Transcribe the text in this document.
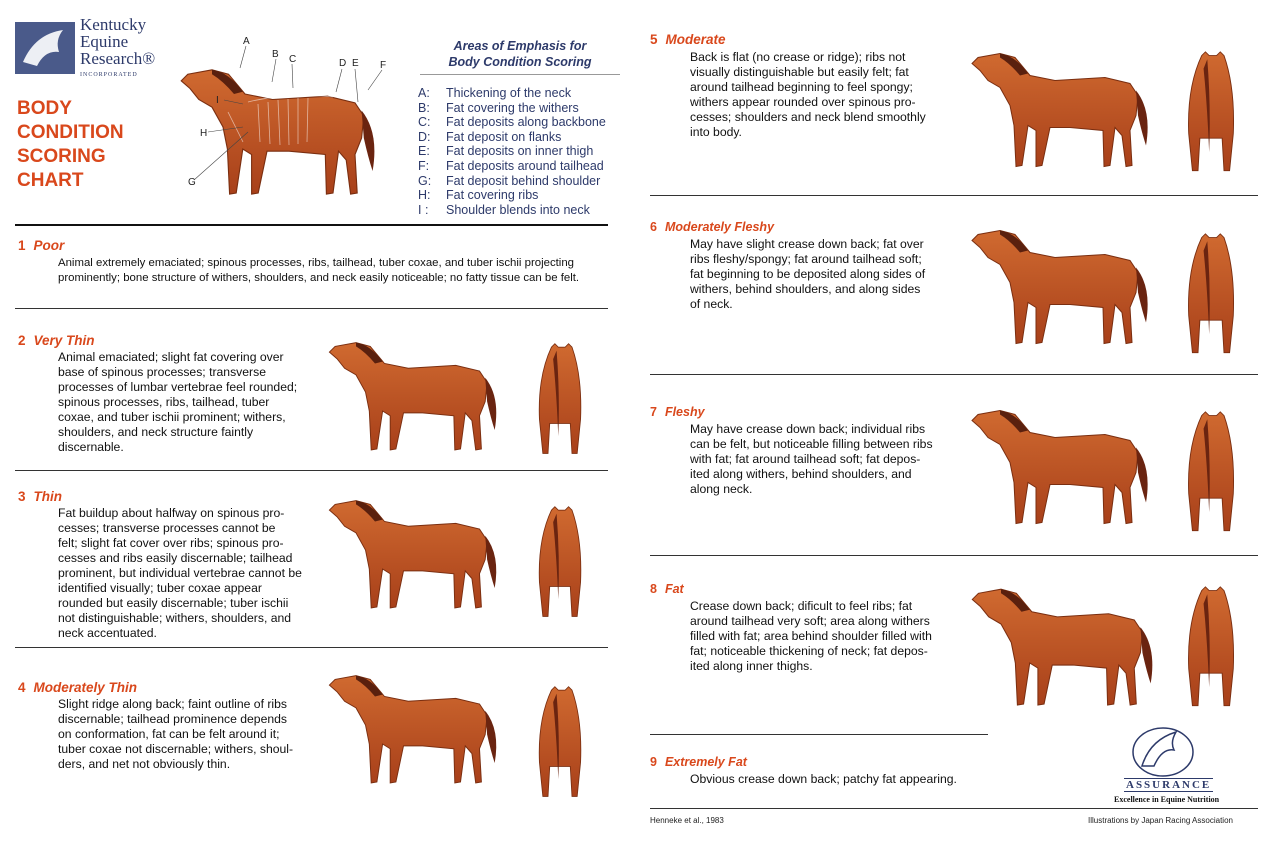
Kentucky
Equine
Research®
INCORPORATED
BODY
CONDITION
SCORING
CHART
A
B C	D E F
G
H
I
Areas of Emphasis for
Body Condition Scoring
A: Thickening of the neck
B: Fat covering the withers
C: Fat deposits along backbone
D: Fat deposit on flanks
E: Fat deposits on inner thigh
F: Fat deposits around tailhead
G: Fat deposit behind shoulder
H: Fat covering ribs
I : Shoulder blends into neck
1 Poor
Animal extremely emaciated; spinous processes, ribs, tailhead, tuber coxae, and tuber ischii projecting
prominently; bone structure of withers, shoulders, and neck easily noticeable; no fatty tissue can be felt.
2 Very Thin
Animal emaciated; slight fat covering over
base of spinous processes; transverse
processes of lumbar vertebrae feel rounded;
spinous processes, ribs, tailhead, tuber
coxae, and tuber ischii prominent; withers,
shoulders, and neck structure faintly
discernable.
3 Thin
Fat buildup about halfway on spinous pro-
cesses; transverse processes cannot be
felt; slight fat cover over ribs; spinous pro-
cesses and ribs easily discernable; tailhead
prominent, but individual vertebrae cannot be
identified visually; tuber coxae appear
rounded but easily discernable; tuber ischii
not distinguishable; withers, shoulders, and
neck accentuated.
4 Moderately Thin
Slight ridge along back; faint outline of ribs
discernable; tailhead prominence depends
on conformation, fat can be felt around it;
tuber coxae not discernable; withers, shoul-
ders, and net not obviously thin.
5 Moderate
Back is flat (no crease or ridge); ribs not
visually distinguishable but easily felt; fat
around tailhead beginning to feel spongy;
withers appear rounded over spinous pro-
cesses; shoulders and neck blend smoothly
into body.
6 Moderately Fleshy
May have slight crease down back; fat over
ribs fleshy/spongy; fat around tailhead soft;
fat beginning to be deposited along sides of
withers, behind shoulders, and along sides
of neck.
7 Fleshy
May have crease down back; individual ribs
can be felt, but noticeable filling between ribs
with fat; fat around tailhead soft; fat depos-
ited along withers, behind shoulders, and
along neck.
8 Fat
Crease down back; dificult to feel ribs; fat
around tailhead very soft; area along withers
filled with fat; area behind shoulder filled with
fat; noticeable thickening of neck; fat depos-
ited along inner thighs.
9 Extremely Fat
Obvious crease down back; patchy fat appearing.	ASSURANCE
Excellence in Equine Nutrition
Henneke et al., 1983	Illustrations by Japan Racing Association
